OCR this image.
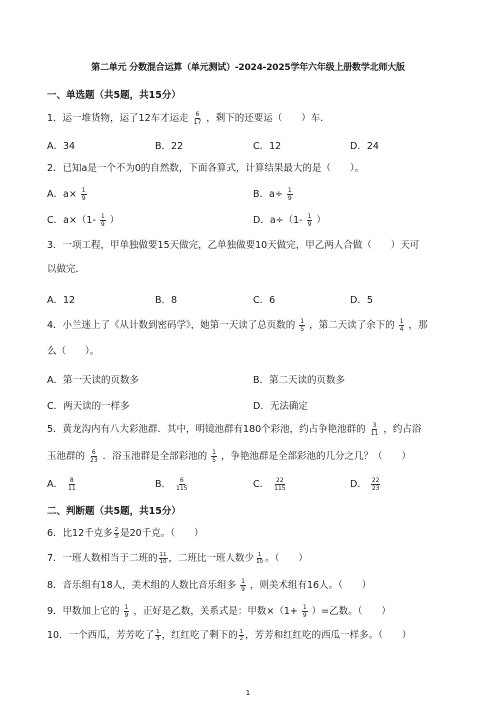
第二单元 分数混合运算（单元测试）-2024-2025学年六年级上册数学北师大版
一、单选题（共5题，共15分）
1．运一堆货物，运了12车才运走 $\frac{6}{17}$ ，剩下的还要运（　　）车．
A．34	B．22	C．12	D．24
2．已知a是一个不为0的自然数，下面各算式，计算结果最大的是（　　）。
A．$a\times \frac{1}{9}$	B．$a\div \frac{1}{9}$
C．$a\times(1- \frac{1}{9}$ ）	D．$a\div(1- \frac{1}{9}$ ）
3．一项工程，甲单独做要15天做完，乙单独做要10天做完，甲乙两人合做（　　）天可
以做完．
A．12	B．8	C．6	D．5
4．小兰迷上了《从计数到密码学》，她第一天读了总页数的 $\frac{1}{5}$ ，第二天读了余下的 $\frac{1}{4}$ ，那
么（　　）。
A．第一天读的页数多	B．第二天读的页数多
C．两天读的一样多	D．无法确定
5．黄龙沟内有八大彩池群．其中，明镜池群有180个彩池，约占争艳池群的 $\frac{3}{11}$ ，约占浴
玉池群的 $\frac{6}{23}$ ．浴玉池群是全部彩池的 $\frac{1}{5}$ ，争艳池群是全部彩池的几分之几？（　　）
A． $\frac{8}{11}$	B． $\frac{6}{115}$	C． $\frac{22}{115}$	D． $\frac{22}{23}$
二、判断题（共5题，共15分）
6．比12千克多 $\frac{2}{3}$ 是20千克。（　　）
7．一班人数相当于二班的 $\frac{11}{10}$ ，二班比一班人数少 $\frac{1}{10}$ 。（　　）
8．音乐组有18人，美术组的人数比音乐组多 $\frac{1}{9}$ ，则美术组有16人。（　　）
9．甲数加上它的 $\frac{1}{9}$ ，正好是乙数，关系式是：甲数$\times(1+ \frac{1}{9}$ ）=乙数。（　　）
10．一个西瓜，芳芳吃了 $\frac{1}{3}$ ，红红吃了剩下的 $\frac{1}{2}$ ，芳芳和红红吃的西瓜一样多。（　　）
1
